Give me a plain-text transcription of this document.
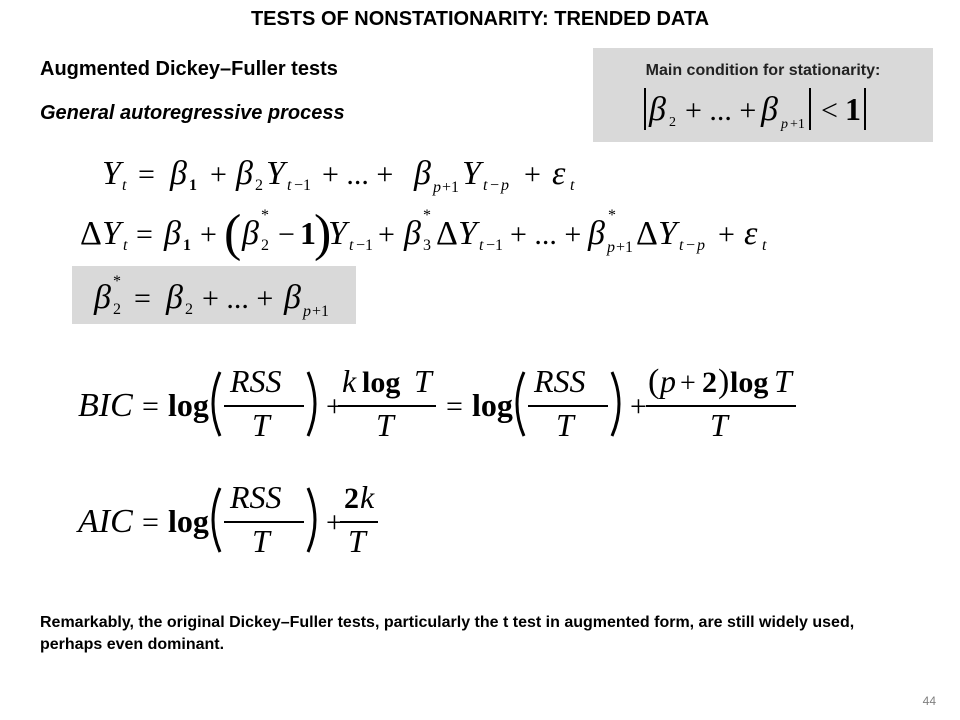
TESTS OF NONSTATIONARITY: TRENDED DATA
Augmented Dickey–Fuller tests
General autoregressive process
Main condition for stationarity:
β 2 + ... + β p +1 < 1
Y t = β 1 + β 2 Y t −1 + ... + β p +1 Y t − p + ε t
Δ Y t = β 1 + ( β *
2 − 1
)
Y t −1 + β *
3 Δ Y t −1 + ... + β *
p +1 Δ Y t − p + ε t
β *
2 = β 2 + ... + β p +1
BIC = log
RSS
T
+
k log T
T
= log
RSS
T
+
( p + 2 ) log T
T
AIC = log
RSS
T
+
2 k
T
Remarkably, the original Dickey–Fuller tests, particularly the t test in augmented form, are still widely used, perhaps even dominant.
44
